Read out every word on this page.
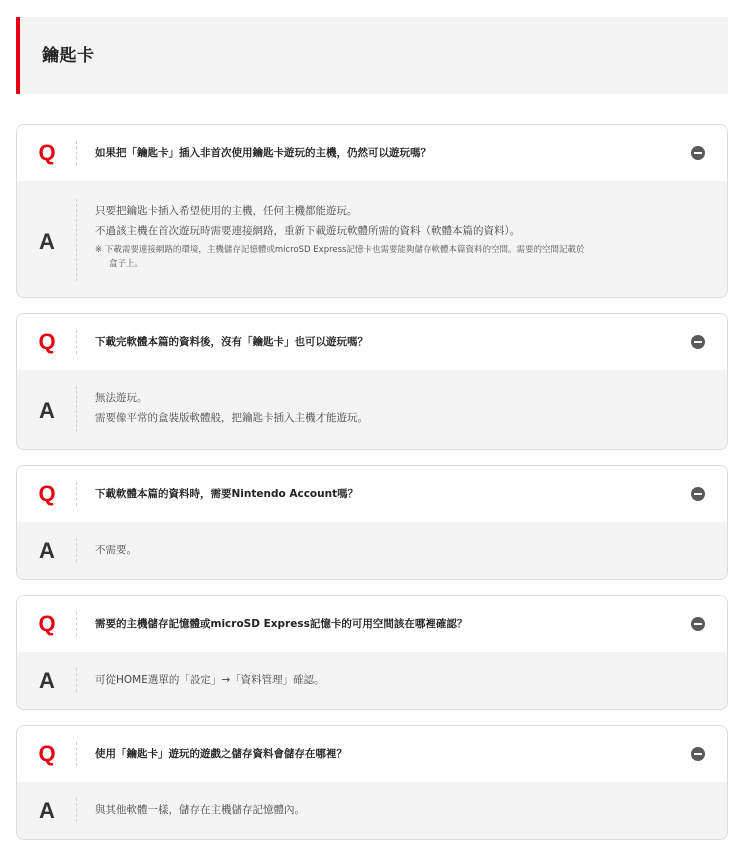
鑰匙卡
Q	如果把「鑰匙卡」插入非首次使用鑰匙卡遊玩的主機，仍然可以遊玩嗎？
A
只要把鑰匙卡插入希望使用的主機，任何主機都能遊玩。
不過該主機在首次遊玩時需要連接網路，重新下載遊玩軟體所需的資料（軟體本篇的資料）。
※ 下載需要連接網路的環境，主機儲存記憶體或microSD Express記憶卡也需要能夠儲存軟體本篇資料的空間。需要的空間記載於
盒子上。
Q	下載完軟體本篇的資料後，沒有「鑰匙卡」也可以遊玩嗎？
A	無法遊玩。
需要像平常的盒裝版軟體般，把鑰匙卡插入主機才能遊玩。
Q	下載軟體本篇的資料時，需要Nintendo Account嗎？
A	不需要。
Q	需要的主機儲存記憶體或microSD Express記憶卡的可用空間該在哪裡確認？
A	可從HOME選單的「設定」→「資料管理」確認。
Q	使用「鑰匙卡」遊玩的遊戲之儲存資料會儲存在哪裡？
A	與其他軟體一樣，儲存在主機儲存記憶體內。
